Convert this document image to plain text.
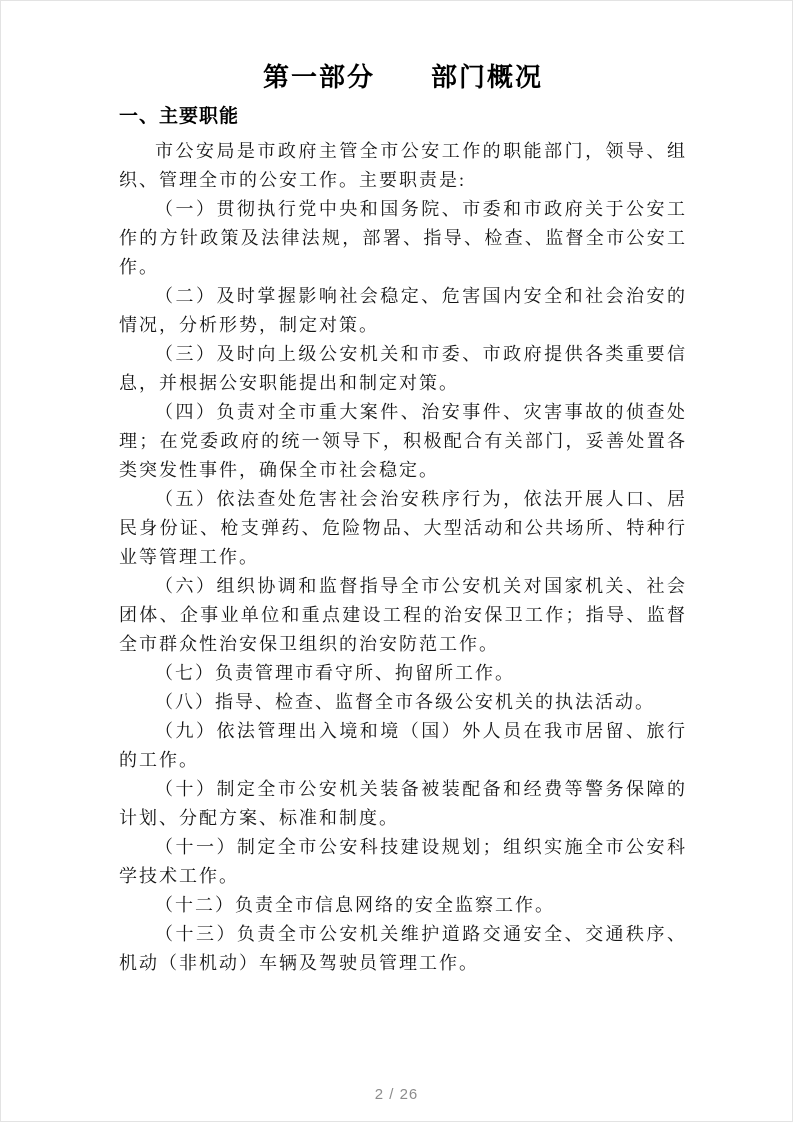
第一部分　　部门概况
一、主要职能

市公安局是市政府主管全市公安工作的职能部门，领导、组织、管理全市的公安工作。主要职责是:

（一）贯彻执行党中央和国务院、市委和市政府关于公安工作的方针政策及法律法规，部署、指导、检查、监督全市公安工作。

（二）及时掌握影响社会稳定、危害国内安全和社会治安的情况，分析形势，制定对策。

（三）及时向上级公安机关和市委、市政府提供各类重要信息，并根据公安职能提出和制定对策。

（四）负责对全市重大案件、治安事件、灾害事故的侦查处理；在党委政府的统一领导下，积极配合有关部门，妥善处置各类突发性事件，确保全市社会稳定。

（五）依法查处危害社会治安秩序行为，依法开展人口、居民身份证、枪支弹药、危险物品、大型活动和公共场所、特种行业等管理工作。

（六）组织协调和监督指导全市公安机关对国家机关、社会团体、企事业单位和重点建设工程的治安保卫工作；指导、监督全市群众性治安保卫组织的治安防范工作。

（七）负责管理市看守所、拘留所工作。

（八）指导、检查、监督全市各级公安机关的执法活动。

（九）依法管理出入境和境（国）外人员在我市居留、旅行的工作。

（十）制定全市公安机关装备被装配备和经费等警务保障的计划、分配方案、标准和制度。

（十一）制定全市公安科技建设规划；组织实施全市公安科学技术工作。

（十二）负责全市信息网络的安全监察工作。

（十三）负责全市公安机关维护道路交通安全、交通秩序、机动（非机动）车辆及驾驶员管理工作。

2 / 26
